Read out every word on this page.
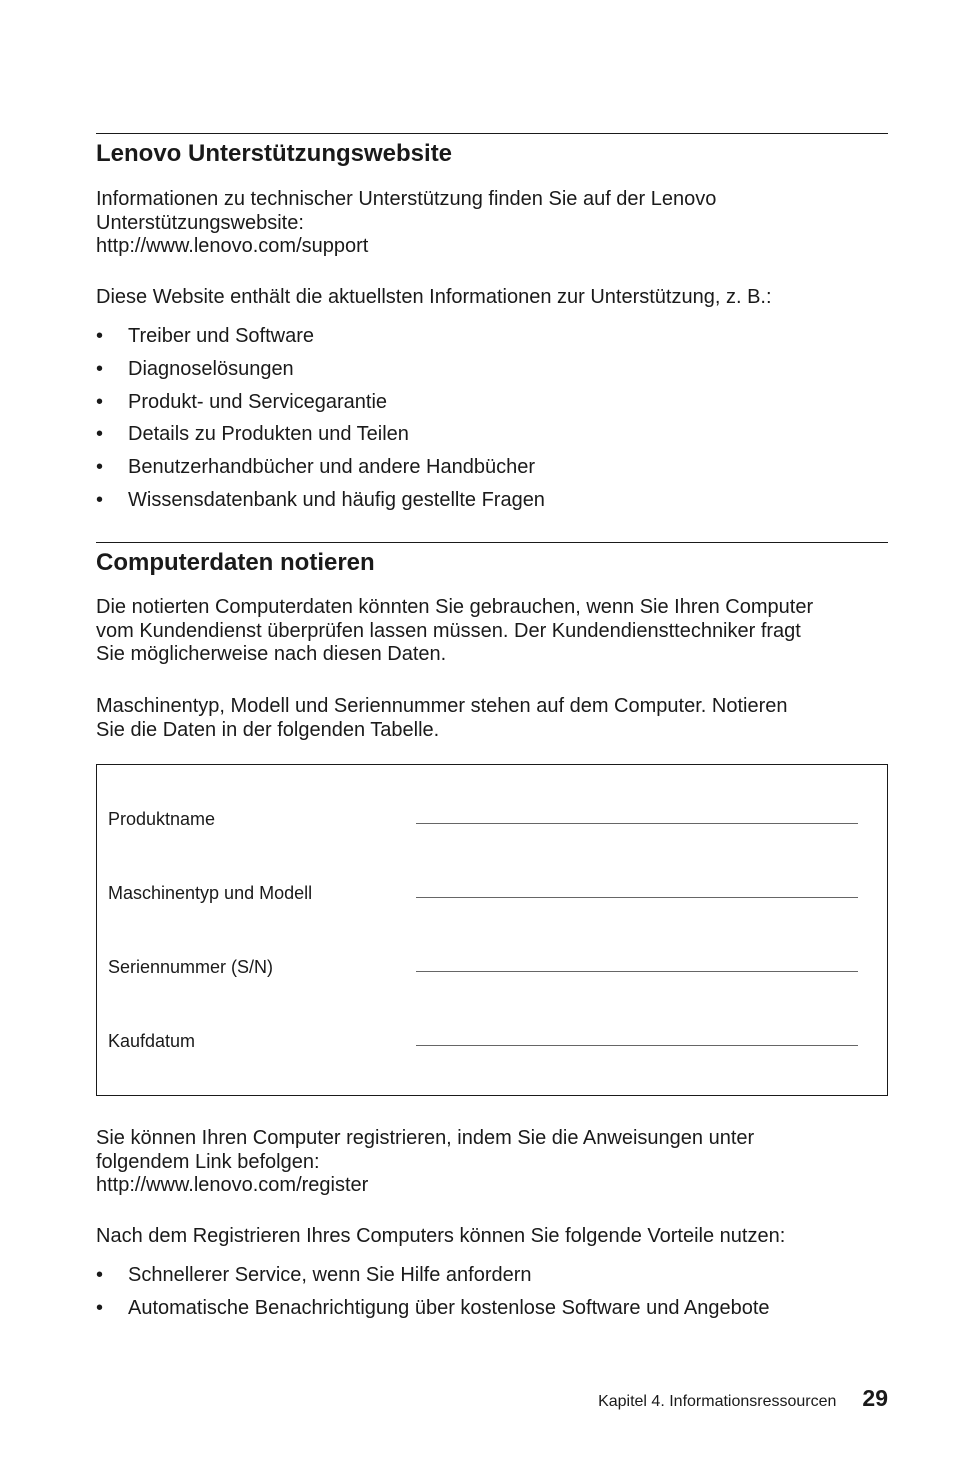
Lenovo Unterstützungswebsite

Informationen zu technischer Unterstützung finden Sie auf der Lenovo
Unterstützungswebsite:
http://www.lenovo.com/support

Diese Website enthält die aktuellsten Informationen zur Unterstützung, z. B.:

• Treiber und Software
• Diagnoselösungen
• Produkt- und Servicegarantie
• Details zu Produkten und Teilen
• Benutzerhandbücher und andere Handbücher
• Wissensdatenbank und häufig gestellte Fragen
Computerdaten notieren

Die notierten Computerdaten könnten Sie gebrauchen, wenn Sie Ihren Computer
vom Kundendienst überprüfen lassen müssen. Der Kundendiensttechniker fragt
Sie möglicherweise nach diesen Daten.

Maschinentyp, Modell und Seriennummer stehen auf dem Computer. Notieren
Sie die Daten in der folgenden Tabelle.

Produktname
Maschinentyp und Modell
Seriennummer (S/N)
Kaufdatum

Sie können Ihren Computer registrieren, indem Sie die Anweisungen unter
folgendem Link befolgen:
http://www.lenovo.com/register

Nach dem Registrieren Ihres Computers können Sie folgende Vorteile nutzen:

• Schnellerer Service, wenn Sie Hilfe anfordern
• Automatische Benachrichtigung über kostenlose Software und Angebote
Kapitel 4. Informationsressourcen 29
